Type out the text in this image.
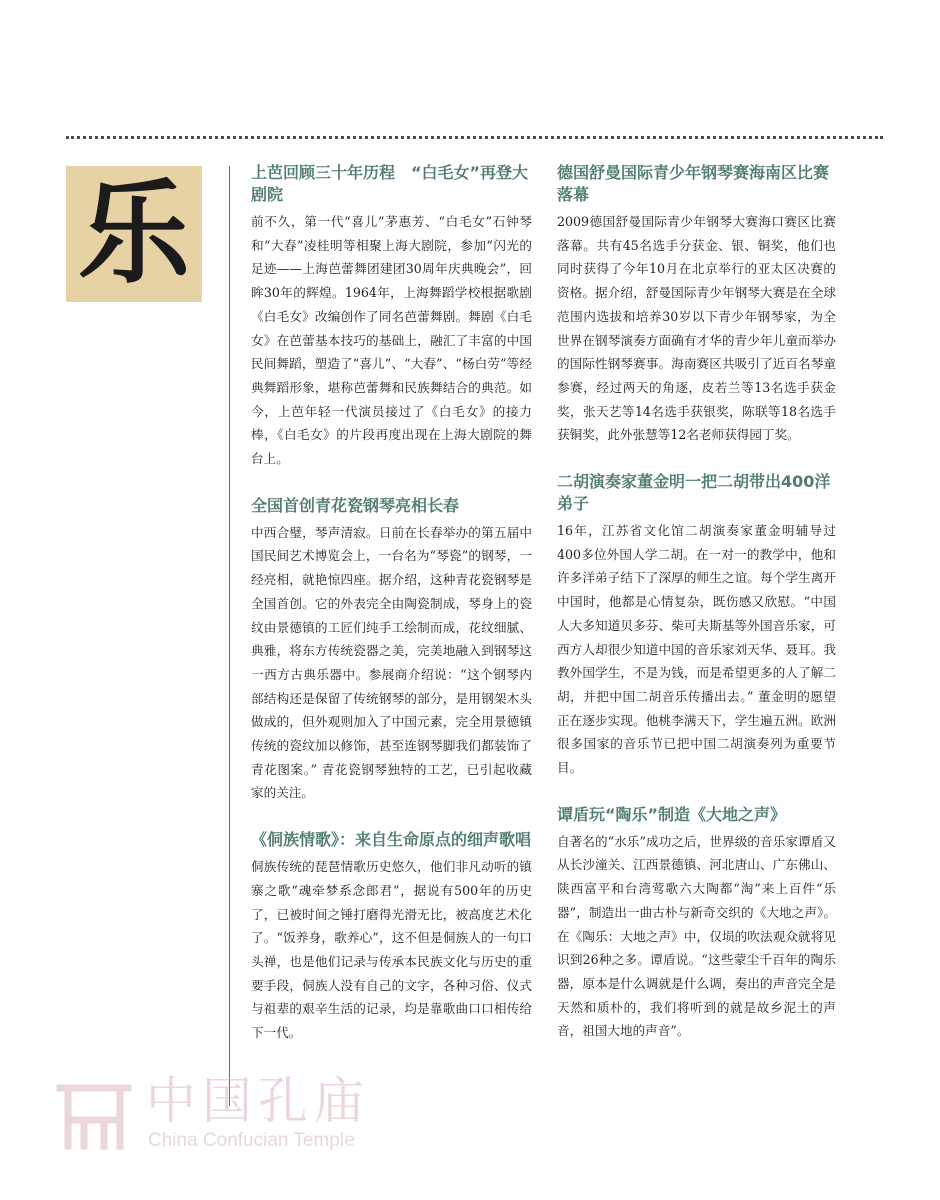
乐	上芭回顾三十年历程　“白毛女”再登大剧院

前不久，第一代“喜儿”茅惠芳、“白毛女”石钟琴和“大春”凌桂明等相聚上海大剧院，参加“闪光的足迹——上海芭蕾舞团建团30周年庆典晚会”，回眸30年的辉煌。1964年，上海舞蹈学校根据歌剧《白毛女》改编创作了同名芭蕾舞剧。舞剧《白毛女》在芭蕾基本技巧的基础上，融汇了丰富的中国民间舞蹈，塑造了“喜儿”、“大春”、“杨白劳”等经典舞蹈形象，堪称芭蕾舞和民族舞结合的典范。如今，上芭年轻一代演员接过了《白毛女》的接力棒，《白毛女》的片段再度出现在上海大剧院的舞台上。

全国首创青花瓷钢琴亮相长春

中西合璧，琴声清寂。日前在长春举办的第五届中国民间艺术博览会上，一台名为“琴瓷”的钢琴，一经亮相，就艳惊四座。据介绍，这种青花瓷钢琴是全国首创。它的外表完全由陶瓷制成，琴身上的瓷纹由景德镇的工匠们纯手工绘制而成，花纹细腻、典雅，将东方传统瓷器之美，完美地融入到钢琴这一西方古典乐器中。参展商介绍说：“这个钢琴内部结构还是保留了传统钢琴的部分，是用钢架木头做成的，但外观则加入了中国元素，完全用景德镇传统的瓷纹加以修饰，甚至连钢琴脚我们都装饰了青花图案。” 青花瓷钢琴独特的工艺，已引起收藏家的关注。

《侗族情歌》：来自生命原点的细声歌唱

侗族传统的琵琶情歌历史悠久，他们非凡动听的镇寨之歌“魂牵梦系念郎君”，据说有500年的历史了，已被时间之锤打磨得光滑无比，被高度艺术化了。“饭养身，歌养心”，这不但是侗族人的一句口头禅，也是他们记录与传承本民族文化与历史的重要手段，侗族人没有自己的文字，各种习俗、仪式与祖辈的艰辛生活的记录，均是靠歌曲口口相传给下一代。

德国舒曼国际青少年钢琴赛海南区比赛落幕

2009德国舒曼国际青少年钢琴大赛海口赛区比赛落幕。共有45名选手分获金、银、铜奖，他们也同时获得了今年10月在北京举行的亚太区决赛的资格。据介绍，舒曼国际青少年钢琴大赛是在全球范围内选拔和培养30岁以下青少年钢琴家，为全世界在钢琴演奏方面确有才华的青少年儿童而举办的国际性钢琴赛事。海南赛区共吸引了近百名琴童参赛，经过两天的角逐，皮若兰等13名选手获金奖，张天艺等14名选手获银奖，陈联等18名选手获铜奖，此外张慧等12名老师获得园丁奖。

二胡演奏家董金明一把二胡带出400洋弟子

16年，江苏省文化馆二胡演奏家董金明辅导过400多位外国人学二胡。在一对一的教学中，他和许多洋弟子结下了深厚的师生之谊。每个学生离开中国时，他都是心情复杂，既伤感又欣慰。“中国人大多知道贝多芬、柴可夫斯基等外国音乐家，可西方人却很少知道中国的音乐家刘天华、聂耳。我教外国学生，不是为钱，而是希望更多的人了解二胡，并把中国二胡音乐传播出去。” 董金明的愿望正在逐步实现。他桃李满天下，学生遍五洲。欧洲很多国家的音乐节已把中国二胡演奏列为重要节目。

谭盾玩“陶乐”制造《大地之声》

自著名的“水乐”成功之后，世界级的音乐家谭盾又从长沙潼关、江西景德镇、河北唐山、广东佛山、陕西富平和台湾莺歌六大陶都“淘”来上百件“乐器”，制造出一曲古朴与新奇交织的《大地之声》。在《陶乐：大地之声》中，仅埙的吹法观众就将见识到26种之多。谭盾说。“这些蒙尘千百年的陶乐器，原本是什么调就是什么调，奏出的声音完全是天然和质朴的，我们将听到的就是故乡泥土的声音，祖国大地的声音”。

中国孔庙
China Confucian Temple
